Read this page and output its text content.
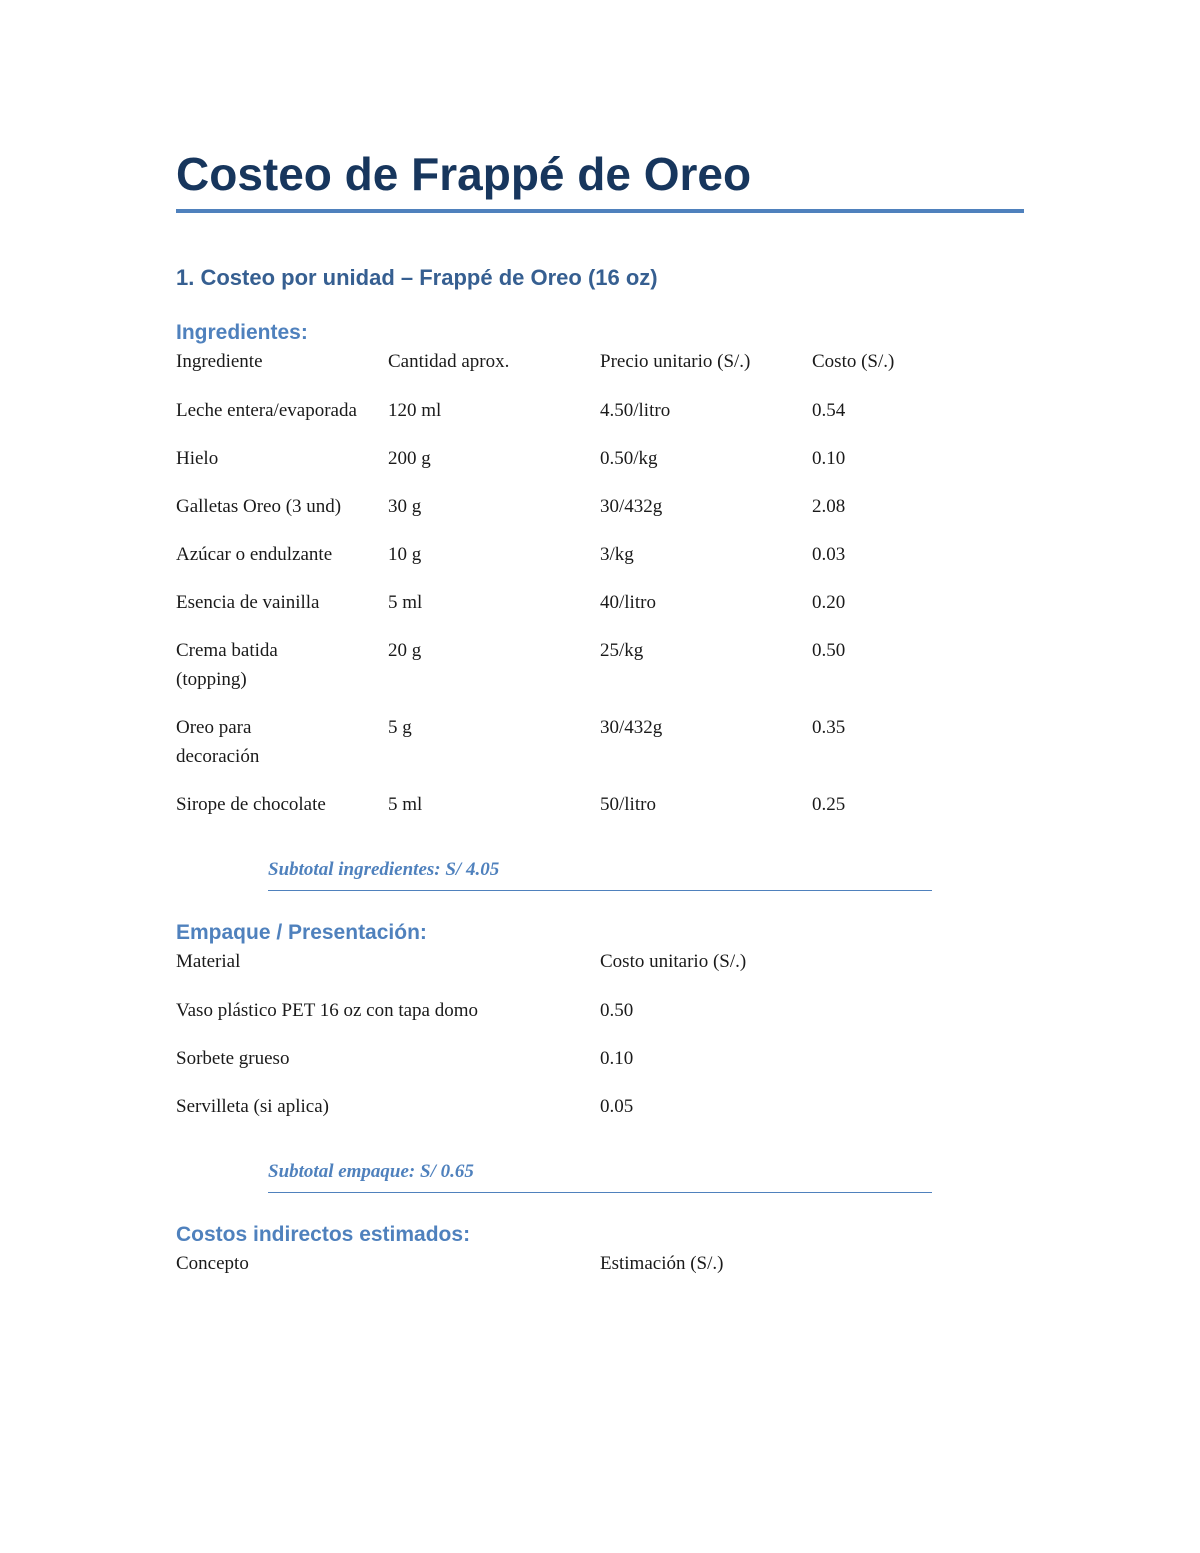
Costeo de Frappé de Oreo
1. Costeo por unidad – Frappé de Oreo (16 oz)
Ingredientes:
Ingrediente	Cantidad aprox.	Precio unitario (S/.)	Costo (S/.)
Leche entera/evaporada	120 ml	4.50/litro	0.54
Hielo	200 g	0.50/kg	0.10
Galletas Oreo (3 und)	30 g	30/432g	2.08
Azúcar o endulzante	10 g	3/kg	0.03
Esencia de vainilla	5 ml	40/litro	0.20
Crema batida (topping)	20 g	25/kg	0.50
Oreo para decoración	5 g	30/432g	0.35
Sirope de chocolate	5 ml	50/litro	0.25
Subtotal ingredientes: S/ 4.05
Empaque / Presentación:
Material	Costo unitario (S/.)
Vaso plástico PET 16 oz con tapa domo	0.50
Sorbete grueso	0.10
Servilleta (si aplica)	0.05
Subtotal empaque: S/ 0.65
Costos indirectos estimados:
Concepto	Estimación (S/.)
